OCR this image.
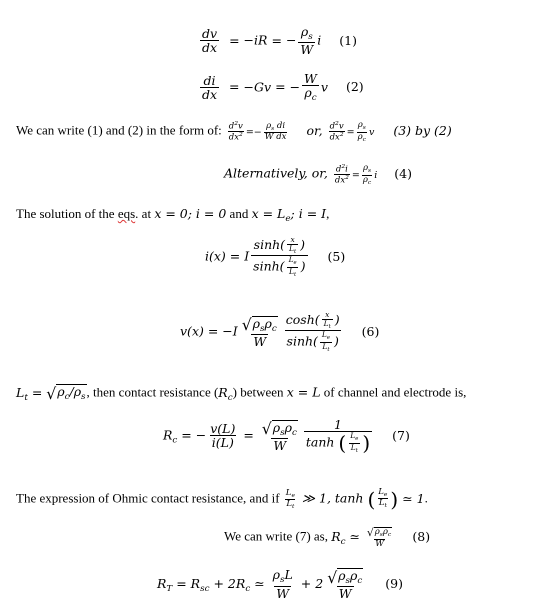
$\frac{dv}{dx} = -iR$ = − $\frac{\rho_s}{W}$ i (1)
$\frac{di}{dx} = -Gv$ = − $\frac{W}{\rho_c}$ v (2)
We can write (1) and (2) in the form of: $\frac{d^2v}{dx^2} =- \frac{\rho_s di}{\text{W dx}}$ or, $\frac{d^2v}{dx^2} = \frac{\rho_s}{\rho_c}$ v (3) by (2)
Alternatively, or, $\frac{d^2i}{dx^2} = \frac{\rho_s}{\rho_c}$ i (4)
The solution of the eqs. at x = 0; i = 0 and $x = L_e$; i = I,
i(x) = I $\frac{\sinh( \frac{x}{L_t} )}{\sinh( \frac{L_e}{L_t} )} (5)$
$v(x) = -I \frac{√ \rho_s\rho_c}{W} \frac{\cosh( \frac{x}{L_t} )}{\sinh( \frac{L_e}{L_t} )} (6)$
$L_t$ = √ $\rho_c/\rho_s$ , then contact resistance $(R_c)$ between x = L of channel and electrode is,
$R_c$ = − $\frac{v(L)}{i(L)} = \frac{√ \rho_s\rho_c}{W} \frac{1}{\tanh ( \frac{L_e}{L_t} )} (7)$
The expression of Ohmic contact resistance, and if $\frac{L_e}{L_t}$ ≫ 1, tanh ( $\frac{L_e}{L_t}$ ) ≃ 1.
We can write (7) as, $R_c$ ≃ $\frac{√ \rho_s\rho_c}{W} (8)$
$R_T = R_{sc} + 2R_c$ ≃ $\frac{\rho_sL}{W} + 2 \frac{√ \rho_s\rho_c}{W} (9)$
